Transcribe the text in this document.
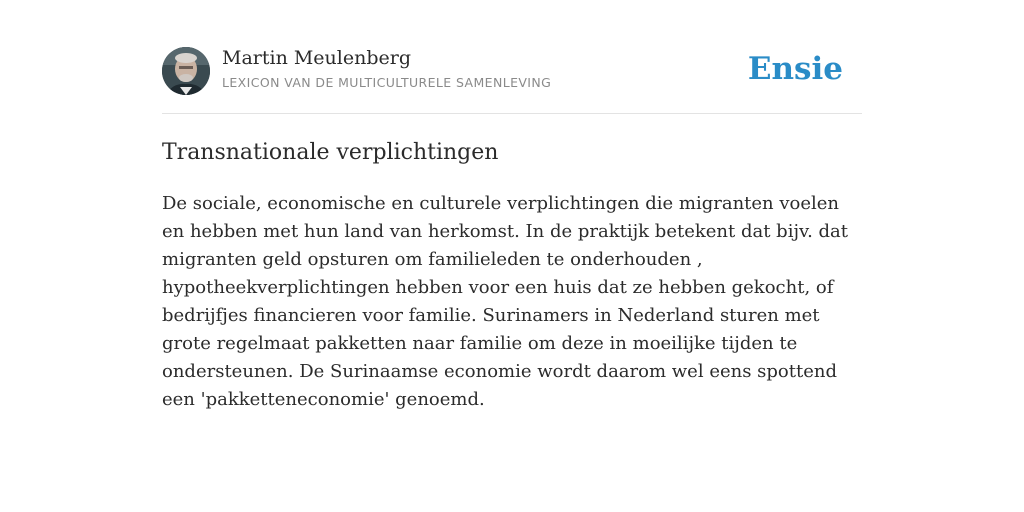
Martin Meulenberg
LEXICON VAN DE MULTICULTURELE SAMENLEVING	Ensie
Transnationale verplichtingen

De sociale, economische en culturele verplichtingen die migranten voelen en hebben met hun land van herkomst. In de praktijk betekent dat bijv. dat migranten geld opsturen om familieleden te onderhouden , hypotheekverplichtingen hebben voor een huis dat ze hebben gekocht, of bedrijfjes financieren voor familie. Surinamers in Nederland sturen met grote regelmaat pakketten naar familie om deze in moeilijke tijden te ondersteunen. De Surinaamse economie wordt daarom wel eens spottend een 'pakketteneconomie' genoemd.
